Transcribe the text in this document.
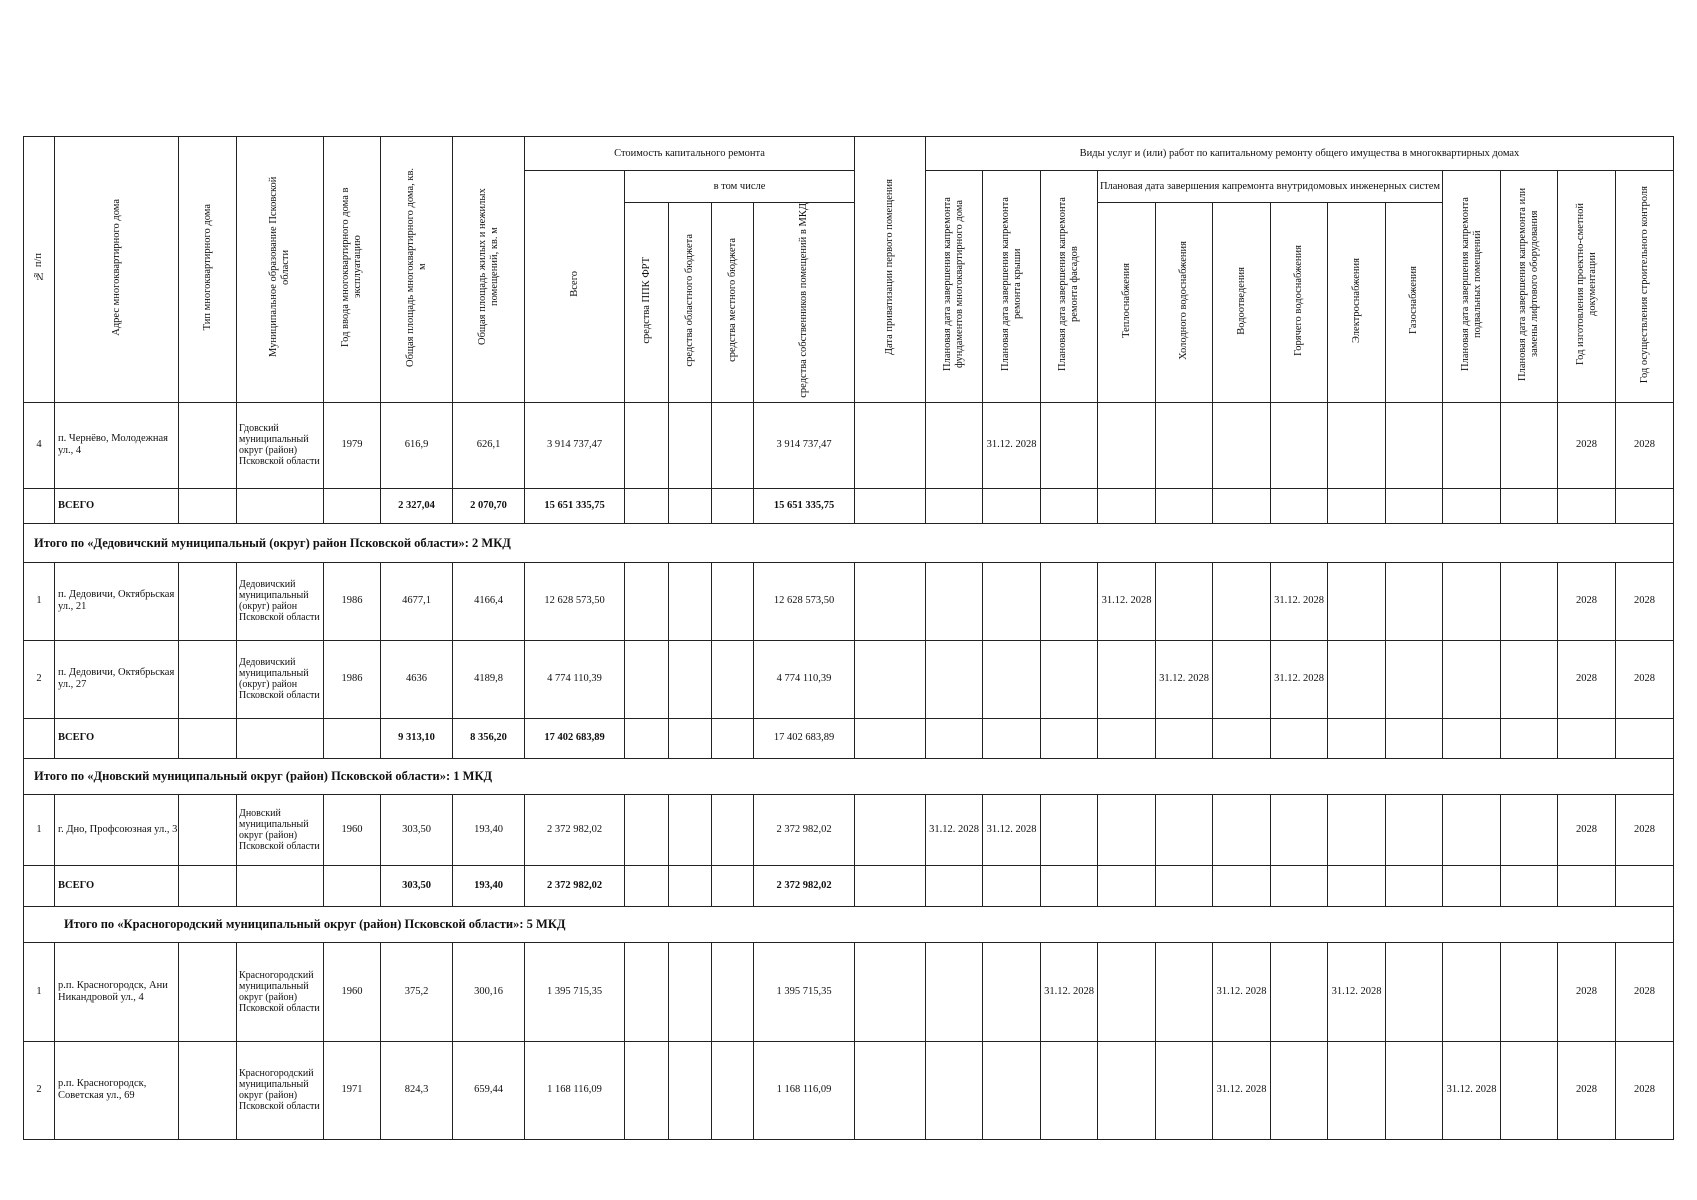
№ п/п	Адрес многоквартирного дома	Тип многоквартирного дома	Муниципальное образование Псковской области	Год ввода многоквартирного дома в эксплуатацию	Общая площадь многоквартирного дома, кв. м	Общая площадь жилых и нежилых помещений, кв. м	Стоимость капитального ремонта					Дата приватизации первого помещения	Виды услуг и (или) работ по капитальному ремонту общего имущества в многоквартирных домах												
							Всего	в том числе					Плановая дата завершения капремонта фундаментов многоквартирного дома	Плановая дата завершения капремонта ремонта крыши	Плановая дата завершения капремонта ремонта фасадов	Плановая дата завершения капремонта внутридомовых инженерных систем						Плановая дата завершения капремонта подвальных помещений	Плановая дата завершения капремонта или замены лифтового оборудования	Год изготовления проектно-сметной документации	Год осуществления строительного контроля
								средства ППК ФРТ	средства областного бюджета	средства местного бюджета	средства собственников помещений в МКД					Теплоснабжения	Холодного водоснабжения	Водоотведения	Горячего водоснабжения	Электроснабжения	Газоснабжения				
4	п. Чернёво, Молодежная ул., 4		Гдовский муниципальный округ (район) Псковской области	1979	616,9	626,1	3 914 737,47				3 914 737,47			31.12. 2028										2028	2028
	ВСЕГО				2 327,04	2 070,70	15 651 335,75				15 651 335,75														
Итого по «Дедовичский муниципальный (округ) район Псковской области»: 2 МКД																									
1	п. Дедовичи, Октябрьская ул., 21		Дедовичский муниципальный (округ) район Псковской области	1986	4677,1	4166,4	12 628 573,50				12 628 573,50					31.12. 2028			31.12. 2028					2028	2028
2	п. Дедовичи, Октябрьская ул., 27		Дедовичский муниципальный (округ) район Псковской области	1986	4636	4189,8	4 774 110,39				4 774 110,39						31.12. 2028		31.12. 2028					2028	2028
	ВСЕГО				9 313,10	8 356,20	17 402 683,89				17 402 683,89														
Итого по «Дновский муниципальный округ (район) Псковской области»: 1 МКД																									
1	г. Дно, Профсоюзная ул., 3		Дновский муниципальный округ (район) Псковской области	1960	303,50	193,40	2 372 982,02				2 372 982,02		31.12. 2028	31.12. 2028										2028	2028
	ВСЕГО				303,50	193,40	2 372 982,02				2 372 982,02														
Итого по «Красногородский муниципальный округ (район) Псковской области»: 5 МКД																									
1	р.п. Красногородск, Ани Никандровой ул., 4		Красногородский муниципальный округ (район) Псковской области	1960	375,2	300,16	1 395 715,35				1 395 715,35				31.12. 2028			31.12. 2028		31.12. 2028				2028	2028
2	р.п. Красногородск, Советская ул., 69		Красногородский муниципальный округ (район) Псковской области	1971	824,3	659,44	1 168 116,09				1 168 116,09							31.12. 2028				31.12. 2028		2028	2028
